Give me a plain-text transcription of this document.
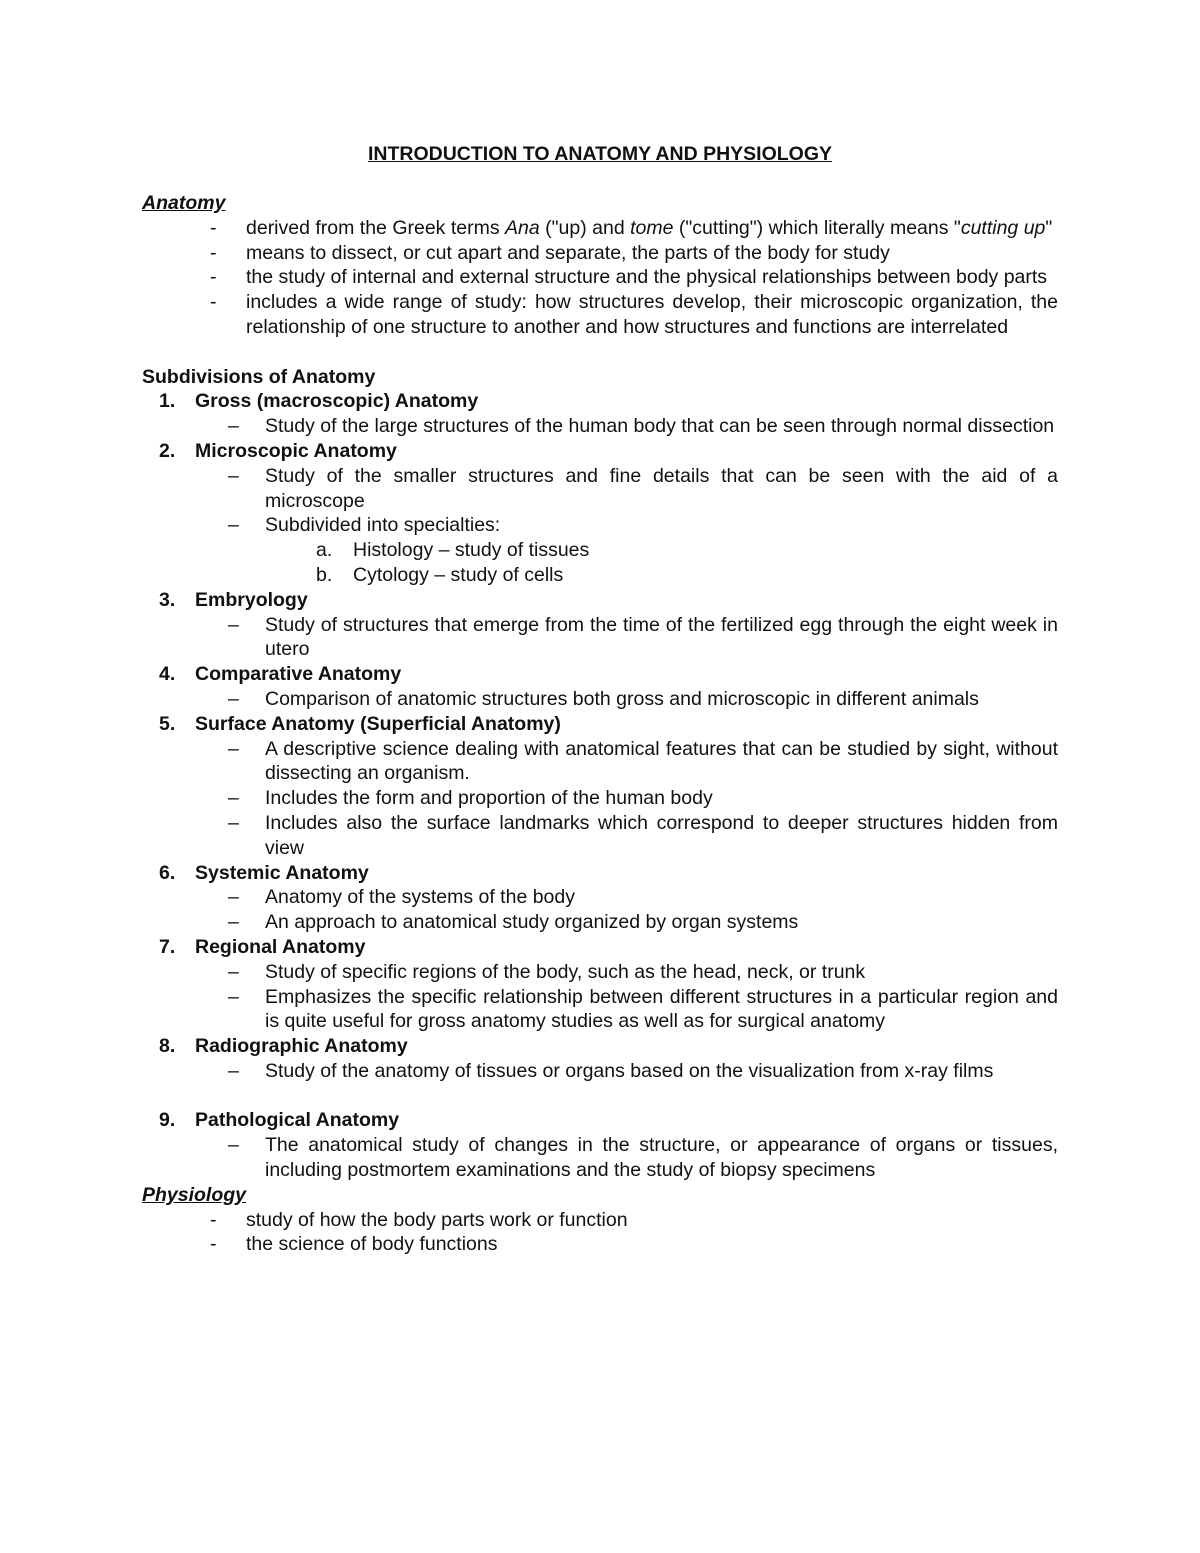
INTRODUCTION TO ANATOMY AND PHYSIOLOGY
Anatomy
- derived from the Greek terms Ana ("up) and tome ("cutting") which literally means "cutting up"
- means to dissect, or cut apart and separate, the parts of the body for study
- the study of internal and external structure and the physical relationships between body parts
- includes a wide range of study: how structures develop, their microscopic organization, the relationship of one structure to another and how structures and functions are interrelated
Subdivisions of Anatomy
1. Gross (macroscopic) Anatomy
– Study of the large structures of the human body that can be seen through normal dissection
2. Microscopic Anatomy
– Study of the smaller structures and fine details that can be seen with the aid of a microscope
– Subdivided into specialties:
a. Histology – study of tissues
b. Cytology – study of cells
3. Embryology
– Study of structures that emerge from the time of the fertilized egg through the eight week in utero
4. Comparative Anatomy
– Comparison of anatomic structures both gross and microscopic in different animals
5. Surface Anatomy (Superficial Anatomy)
– A descriptive science dealing with anatomical features that can be studied by sight, without dissecting an organism.
– Includes the form and proportion of the human body
– Includes also the surface landmarks which correspond to deeper structures hidden from view
6. Systemic Anatomy
– Anatomy of the systems of the body
– An approach to anatomical study organized by organ systems
7. Regional Anatomy
– Study of specific regions of the body, such as the head, neck, or trunk
– Emphasizes the specific relationship between different structures in a particular region and is quite useful for gross anatomy studies as well as for surgical anatomy
8. Radiographic Anatomy
– Study of the anatomy of tissues or organs based on the visualization from x-ray films
9. Pathological Anatomy
– The anatomical study of changes in the structure, or appearance of organs or tissues, including postmortem examinations and the study of biopsy specimens
Physiology
- study of how the body parts work or function
- the science of body functions
